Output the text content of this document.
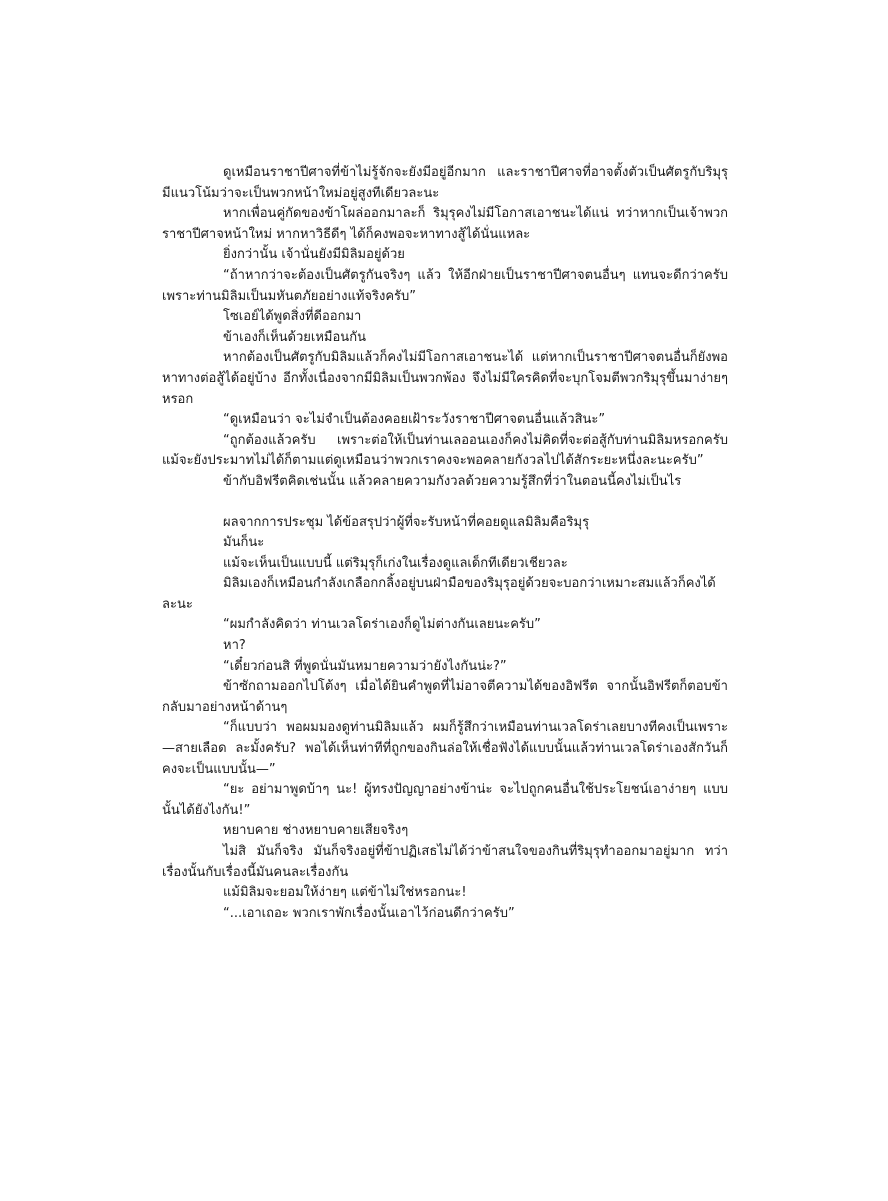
ดูเหมือนราชาปีศาจที่ข้าไม่รู้จักจะยังมีอยู่อีกมาก และราชาปีศาจที่อาจตั้งตัวเป็นศัตรูกับริมุรุมีแนวโน้มว่าจะเป็นพวกหน้าใหม่อยู่สูงทีเดียวละนะ

หากเพื่อนคู่กัดของข้าโผล่ออกมาละก็ ริมุรุคงไม่มีโอกาสเอาชนะได้แน่ ทว่าหากเป็นเจ้าพวกราชาปีศาจหน้าใหม่ หากหาวิธีดีๆ ได้ก็คงพอจะหาทางสู้ได้นั่นแหละ

ยิ่งกว่านั้น เจ้านั่นยังมีมิลิมอยู่ด้วย

“ถ้าหากว่าจะต้องเป็นศัตรูกันจริงๆ แล้ว ให้อีกฝ่ายเป็นราชาปีศาจตนอื่นๆ แทนจะดีกว่าครับ เพราะท่านมิลิมเป็นมหันตภัยอย่างแท้จริงครับ”

โซเอย์ได้พูดสิ่งที่ดีออกมา

ข้าเองก็เห็นด้วยเหมือนกัน

หากต้องเป็นศัตรูกับมิลิมแล้วก็คงไม่มีโอกาสเอาชนะได้ แต่หากเป็นราชาปีศาจตนอื่นก็ยังพอหาทางต่อสู้ได้อยู่บ้าง อีกทั้งเนื่องจากมีมิลิมเป็นพวกพ้อง จึงไม่มีใครคิดที่จะบุกโจมตีพวกริมุรุขึ้นมาง่ายๆ หรอก

“ดูเหมือนว่า จะไม่จำเป็นต้องคอยเฝ้าระวังราชาปีศาจตนอื่นแล้วสินะ”

“ถูกต้องแล้วครับ เพราะต่อให้เป็นท่านเลออนเองก็คงไม่คิดที่จะต่อสู้กับท่านมิลิมหรอกครับ แม้จะยังประมาทไม่ได้ก็ตามแต่ดูเหมือนว่าพวกเราคงจะพอคลายกังวลไปได้สักระยะหนึ่งละนะครับ”

ข้ากับอิฟรีตคิดเช่นนั้น แล้วคลายความกังวลด้วยความรู้สึกที่ว่าในตอนนี้คงไม่เป็นไร

ผลจากการประชุม ได้ข้อสรุปว่าผู้ที่จะรับหน้าที่คอยดูแลมิลิมคือริมุรุ

มันก็นะ

แม้จะเห็นเป็นแบบนี้ แต่ริมุรุก็เก่งในเรื่องดูแลเด็กทีเดียวเชียวละ

มิลิมเองก็เหมือนกำลังเกลือกกลิ้งอยู่บนฝ่ามือของริมุรุอยู่ด้วยจะบอกว่าเหมาะสมแล้วก็คงได้ละนะ

“ผมกำลังคิดว่า ท่านเวลโดร่าเองก็ดูไม่ต่างกันเลยนะครับ”

หา?

“เดี๋ยวก่อนสิ ที่พูดนั่นมันหมายความว่ายังไงกันน่ะ?”

ข้าซักถามออกไปโต้งๆ เมื่อได้ยินคำพูดที่ไม่อาจตีความได้ของอิฟรีต จากนั้นอิฟรีตก็ตอบข้ากลับมาอย่างหน้าด้านๆ

“ก็แบบว่า พอผมมองดูท่านมิลิมแล้ว ผมก็รู้สึกว่าเหมือนท่านเวลโดร่าเลยบางทีคงเป็นเพราะ—สายเลือด ละมั้งครับ? พอได้เห็นท่าทีที่ถูกของกินล่อให้เชื่อฟังได้แบบนั้นแล้วท่านเวลโดร่าเองสักวันก็คงจะเป็นแบบนั้น—”

“ยะ อย่ามาพูดบ้าๆ นะ! ผู้ทรงปัญญาอย่างข้าน่ะ จะไปถูกคนอื่นใช้ประโยชน์เอาง่ายๆ แบบนั้นได้ยังไงกัน!”

หยาบคาย ช่างหยาบคายเสียจริงๆ

ไม่สิ มันก็จริง มันก็จริงอยู่ที่ข้าปฏิเสธไม่ได้ว่าข้าสนใจของกินที่ริมุรุทำออกมาอยู่มาก ทว่าเรื่องนั้นกับเรื่องนี้มันคนละเรื่องกัน

แม้มิลิมจะยอมให้ง่ายๆ แต่ข้าไม่ใช่หรอกนะ!

“...เอาเถอะ พวกเราพักเรื่องนั้นเอาไว้ก่อนดีกว่าครับ”
